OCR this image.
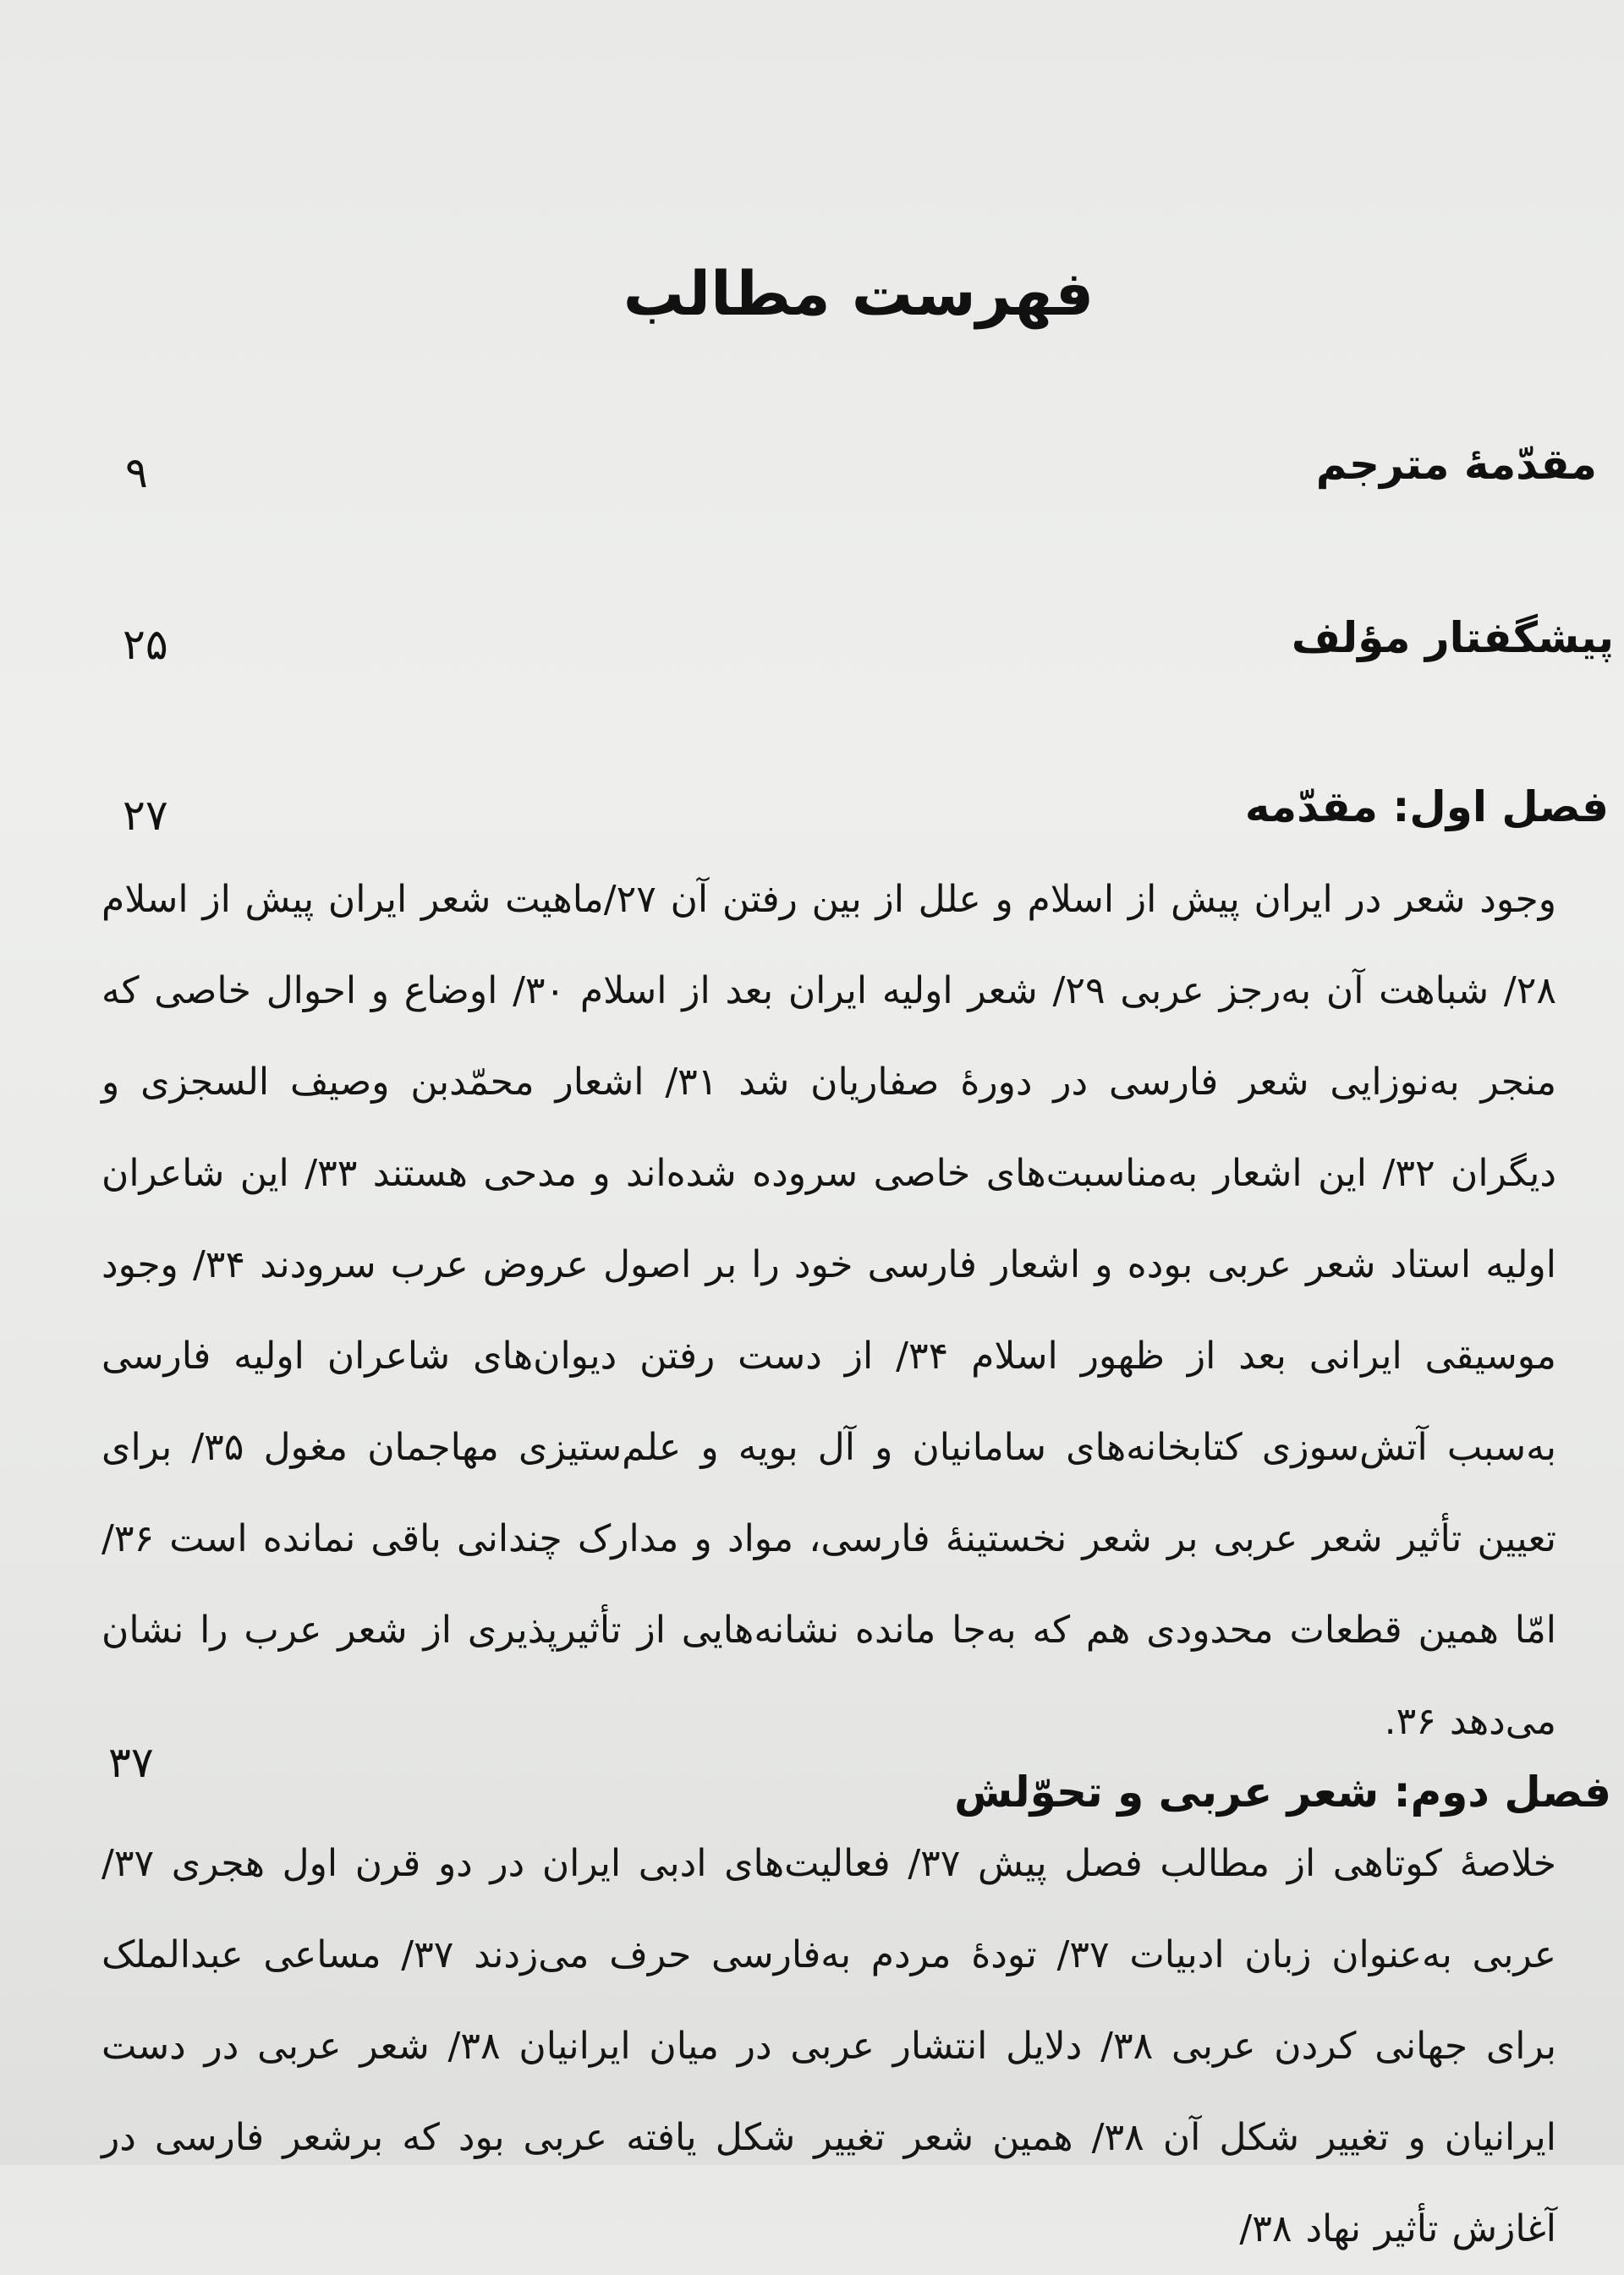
فهرست مطالب
مقدّمۀ مترجم
۹
پیشگفتار مؤلف
۲۵
فصل اول: مقدّمه
۲۷

وجود شعر در ایران پیش از اسلام و علل از بین رفتن آن ۲۷/ماهیت شعر ایران پیش از اسلام ۲۸/ شباهت آن به‌رجز عربی ۲۹/ شعر اولیه ایران بعد از اسلام ۳۰/ اوضاع و احوال خاصی که منجر به‌نوزایی شعر فارسی در دورۀ صفاریان شد ۳۱/ اشعار محمّدبن وصیف السجزی و دیگران ۳۲/ این اشعار به‌مناسبت‌های خاصی سروده شده‌اند و مدحی هستند ۳۳/ این شاعران اولیه استاد شعر عربی بوده و اشعار فارسی خود را بر اصول عروض عرب سرودند ۳۴/ وجود موسیقی ایرانی بعد از ظهور اسلام ۳۴/ از دست رفتن دیوان‌های شاعران اولیه فارسی به‌سبب آتش‌سوزی کتابخانه‌های سامانیان و آل بویه و علم‌ستیزی مهاجمان مغول ۳۵/ برای تعیین تأثیر شعر عربی بر شعر نخستینۀ فارسی، مواد و مدارک چندانی باقی نمانده است ۳۶/ امّا همین قطعات محدودی هم که به‌جا مانده نشانه‌هایی از تأثیرپذیری از شعر عرب را نشان می‌دهد ۳۶.

۳۷
فصل دوم: شعر عربی و تحوّلش

خلاصۀ کوتاهی از مطالب فصل پیش ۳۷/ فعالیت‌های ادبی ایران در دو قرن اول هجری ۳۷/عربی به‌عنوان زبان ادبیات ۳۷/ تودۀ مردم به‌فارسی حرف می‌زدند ۳۷/ مساعی عبدالملک برای جهانی کردن عربی ۳۸/ دلایل انتشار عربی در میان ایرانیان ۳۸/ شعر عربی در دست ایرانیان و تغییر شکل آن ۳۸/ همین شعر تغییر شکل یافته عربی بود که برشعر فارسی در آغازش تأثیر نهاد ۳۸/
